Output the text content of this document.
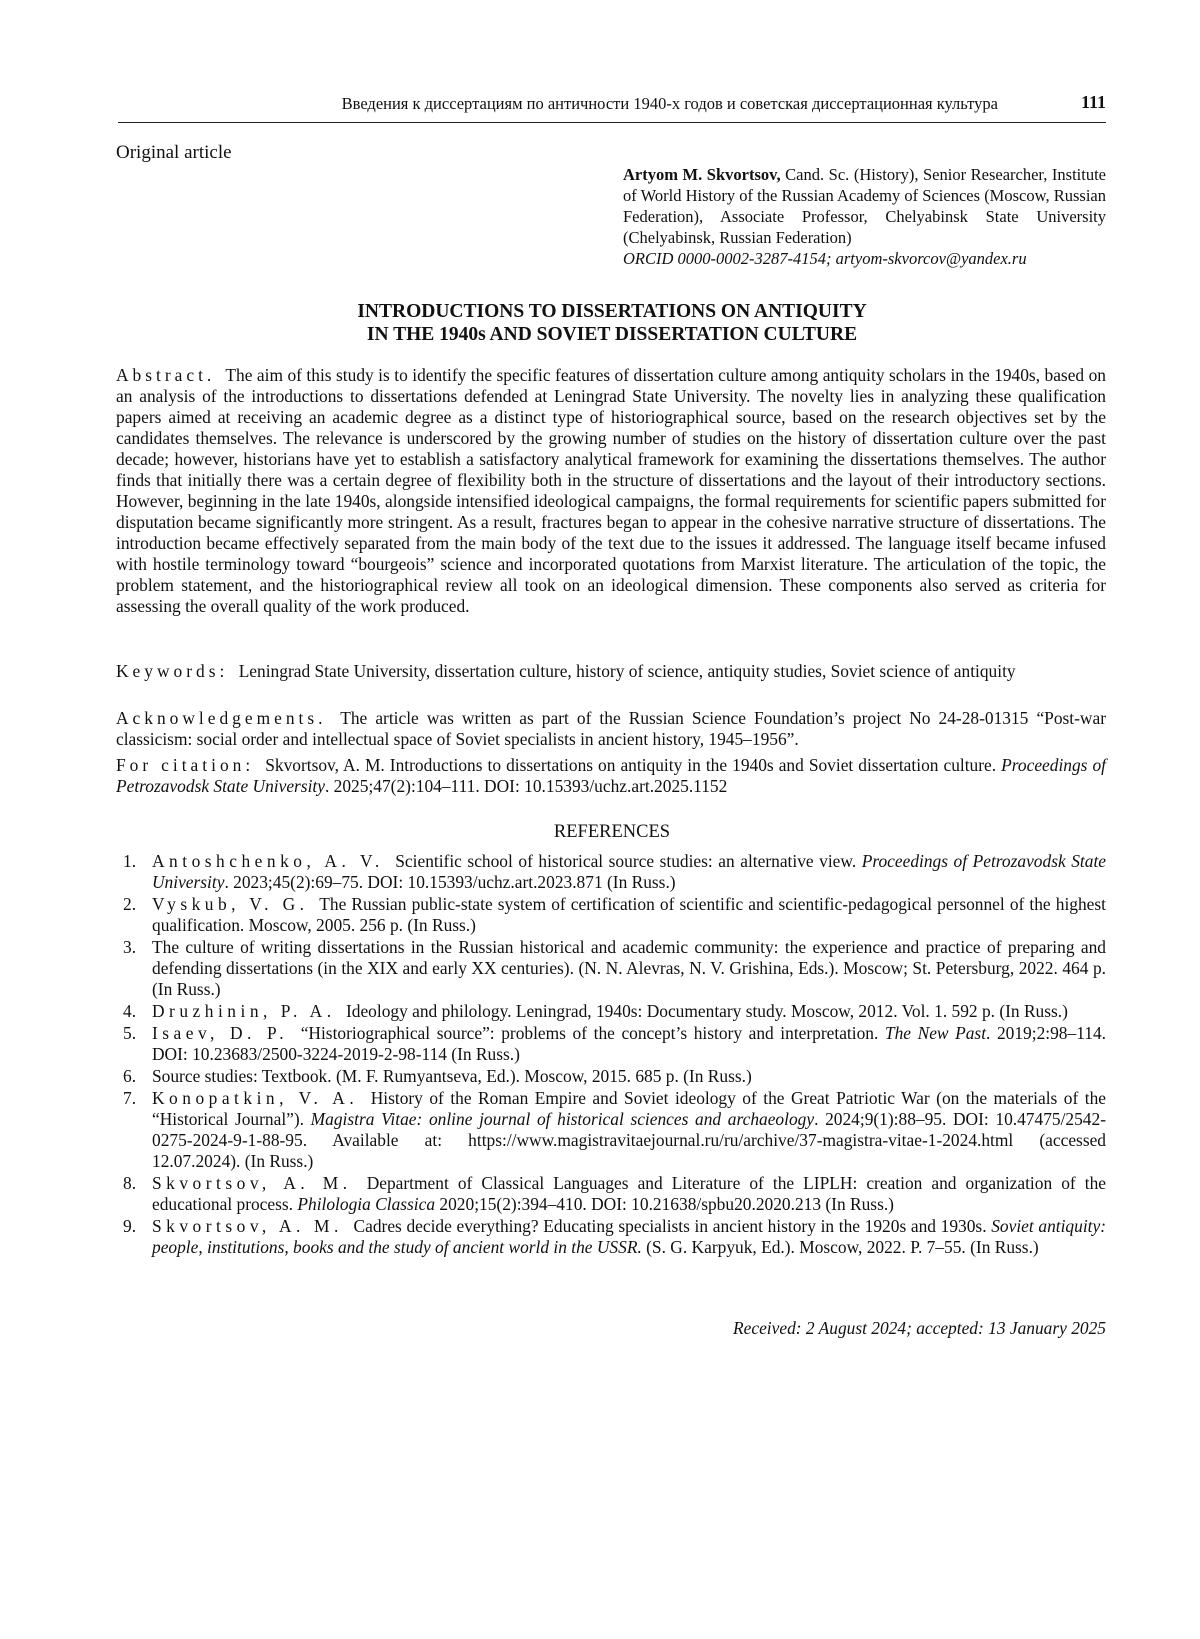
Введения к диссертациям по античности 1940-х годов и советская диссертационная культура	111
Original article
Artyom M. Skvortsov, Cand. Sc. (History), Senior Researcher, Institute of World History of the Russian Academy of Sciences (Moscow, Russian Federation), Associate Professor, Chelyabinsk State University (Chelyabinsk, Russian Federation)
ORCID 0000-0002-3287-4154; artyom-skvorcov@yandex.ru
INTRODUCTIONS TO DISSERTATIONS ON ANTIQUITY
IN THE 1940s AND SOVIET DISSERTATION CULTURE
Abstract. The aim of this study is to identify the specific features of dissertation culture among antiquity scholars in the 1940s, based on an analysis of the introductions to dissertations defended at Leningrad State University. The novelty lies in analyzing these qualification papers aimed at receiving an academic degree as a distinct type of historiographical source, based on the research objectives set by the candidates themselves. The relevance is underscored by the growing number of studies on the history of dissertation culture over the past decade; however, historians have yet to establish a satisfactory analytical framework for examining the dissertations themselves. The author finds that initially there was a certain degree of flexibility both in the structure of dissertations and the layout of their introductory sections. However, beginning in the late 1940s, alongside intensified ideological campaigns, the formal requirements for scientific papers submitted for disputation became significantly more stringent. As a result, fractures began to appear in the cohesive narrative structure of dissertations. The introduction became effectively separated from the main body of the text due to the issues it addressed. The language itself became infused with hostile terminology toward “bourgeois” science and incorporated quotations from Marxist literature. The articulation of the topic, the problem statement, and the historiographical review all took on an ideological dimension. These components also served as criteria for assessing the overall quality of the work produced.
Keywords: Leningrad State University, dissertation culture, history of science, antiquity studies, Soviet science of antiquity
Acknowledgements. The article was written as part of the Russian Science Foundation’s project No 24-28-01315 “Post-war classicism: social order and intellectual space of Soviet specialists in ancient history, 1945–1956”.
For citation: Skvortsov, A. M. Introductions to dissertations on antiquity in the 1940s and Soviet dissertation culture. Proceedings of Petrozavodsk State University. 2025;47(2):104–111. DOI: 10.15393/uchz.art.2025.1152
REFERENCES
1. Antoshchenko, A. V. Scientific school of historical source studies: an alternative view. Proceedings of Petrozavodsk State University. 2023;45(2):69–75. DOI: 10.15393/uchz.art.2023.871 (In Russ.)
2. Vyskub, V. G. The Russian public-state system of certification of scientific and scientific-pedagogical personnel of the highest qualification. Moscow, 2005. 256 p. (In Russ.)
3. The culture of writing dissertations in the Russian historical and academic community: the experience and practice of preparing and defending dissertations (in the XIX and early XX centuries). (N. N. Alevras, N. V. Grishina, Eds.). Moscow; St. Petersburg, 2022. 464 p. (In Russ.)
4. Druzhinin, P. A. Ideology and philology. Leningrad, 1940s: Documentary study. Moscow, 2012. Vol. 1. 592 p. (In Russ.)
5. Isaev, D. P. “Historiographical source”: problems of the concept’s history and interpretation. The New Past. 2019;2:98–114. DOI: 10.23683/2500-3224-2019-2-98-114 (In Russ.)
6. Source studies: Textbook. (M. F. Rumyantseva, Ed.). Moscow, 2015. 685 p. (In Russ.)
7. Konopatkin, V. A. History of the Roman Empire and Soviet ideology of the Great Patriotic War (on the materials of the “Historical Journal”). Magistra Vitae: online journal of historical sciences and archaeology. 2024;9(1):88–95. DOI: 10.47475/2542-0275-2024-9-1-88-95. Available at: https://www.magistravitaejournal.ru/ru/archive/37-magistra-vitae-1-2024.html (accessed 12.07.2024). (In Russ.)
8. Skvortsov, A. M. Department of Classical Languages and Literature of the LIPLH: creation and organization of the educational process. Philologia Classica 2020;15(2):394–410. DOI: 10.21638/spbu20.2020.213 (In Russ.)
9. Skvortsov, A. M. Cadres decide everything? Educating specialists in ancient history in the 1920s and 1930s. Soviet antiquity: people, institutions, books and the study of ancient world in the USSR. (S. G. Karpyuk, Ed.). Moscow, 2022. P. 7–55. (In Russ.)
Received: 2 August 2024; accepted: 13 January 2025
